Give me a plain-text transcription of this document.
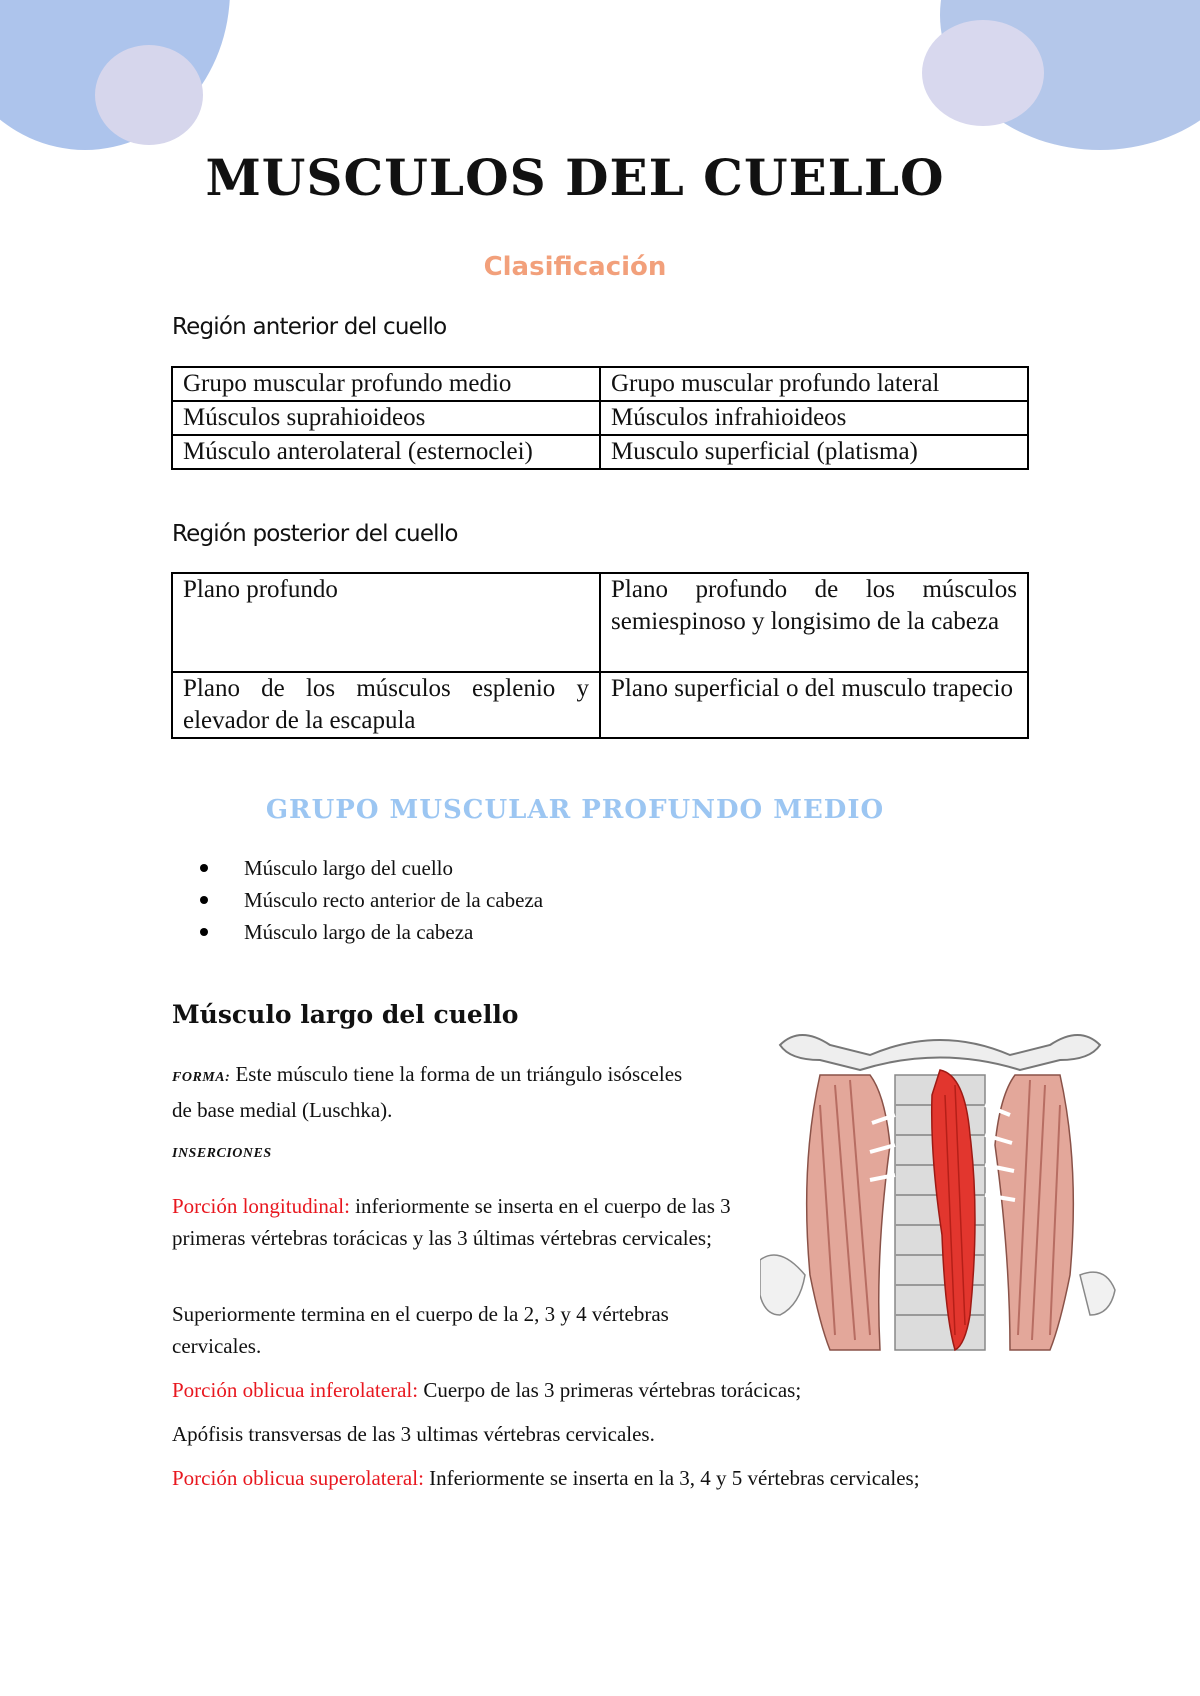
MUSCULOS DEL CUELLO
Clasificación
Región anterior del cuello
Grupo muscular profundo medio	Grupo muscular profundo lateral
Músculos suprahioideos	Músculos infrahioideos
Músculo anterolateral (esternoclei)	Musculo superficial (platisma)
Región posterior del cuello
Plano profundo	Plano profundo de los músculos semiespinoso y longisimo de la cabeza
Plano de los músculos esplenio y elevador de la escapula	Plano superficial o del musculo trapecio
GRUPO MUSCULAR PROFUNDO MEDIO
Músculo largo del cuello
Músculo recto anterior de la cabeza
Músculo largo de la cabeza
Músculo largo del cuello

FORMA: Este músculo tiene la forma de un triángulo isósceles de base medial (Luschka).

INSERCIONES

Porción longitudinal: inferiormente se inserta en el cuerpo de las 3 primeras vértebras torácicas y las 3 últimas vértebras cervicales;

Superiormente termina en el cuerpo de la 2, 3 y 4 vértebras cervicales.

Porción oblicua inferolateral: Cuerpo de las 3 primeras vértebras torácicas;

Apófisis transversas de las 3 ultimas vértebras cervicales.

Porción oblicua superolateral: Inferiormente se inserta en la 3, 4 y 5 vértebras cervicales;
